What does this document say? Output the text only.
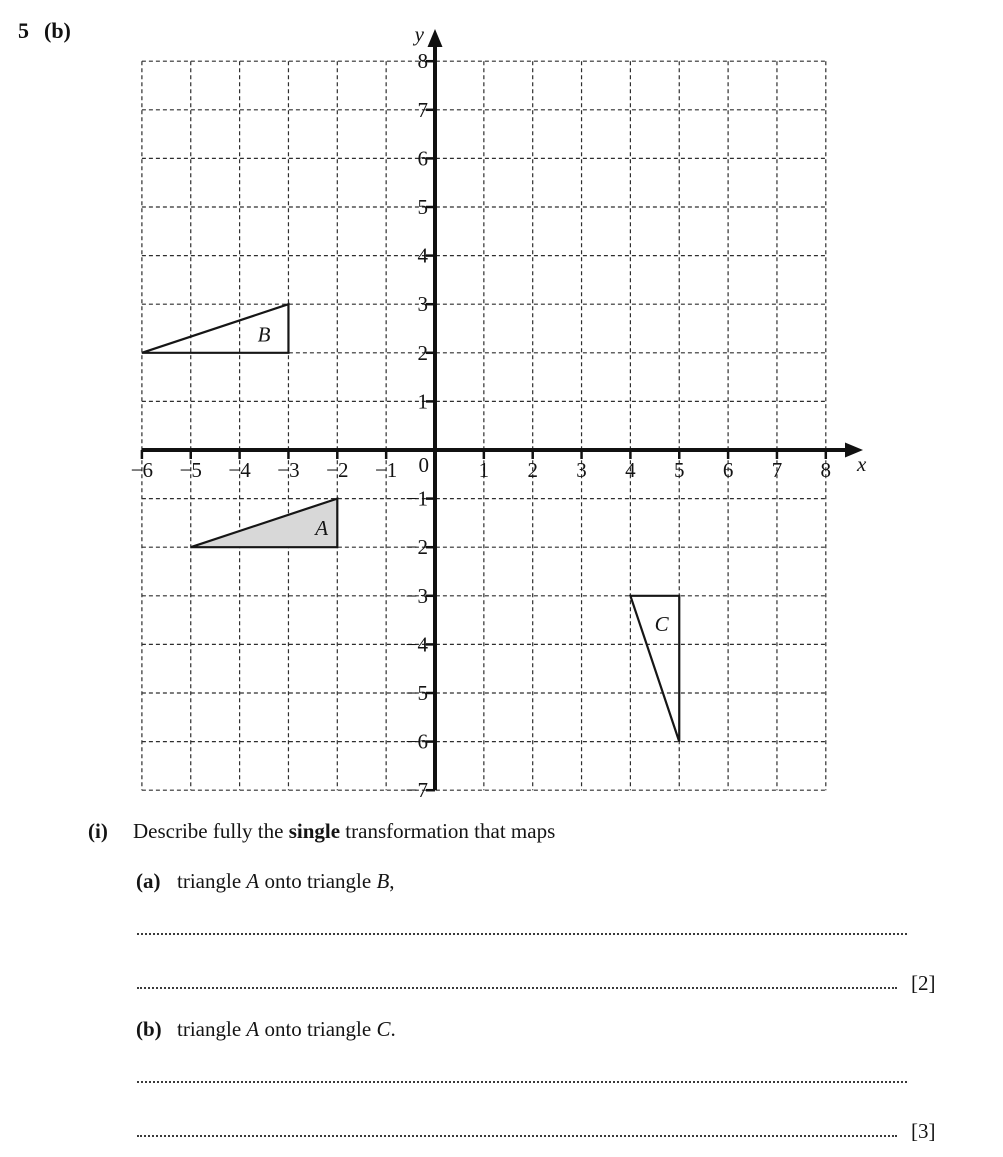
5 (b)
−6 −5 −4 −3 −2 −1	1 2 3 4 5 6 7 8
8
7
6
5
4
3
2
1
−1
−2
−3
−4
−5
−6
−7
0	x
y
B
A
C
(i) Describe fully the single transformation that maps
(a) triangle A onto triangle B,
[2]
(b) triangle A onto triangle C.
[3]
